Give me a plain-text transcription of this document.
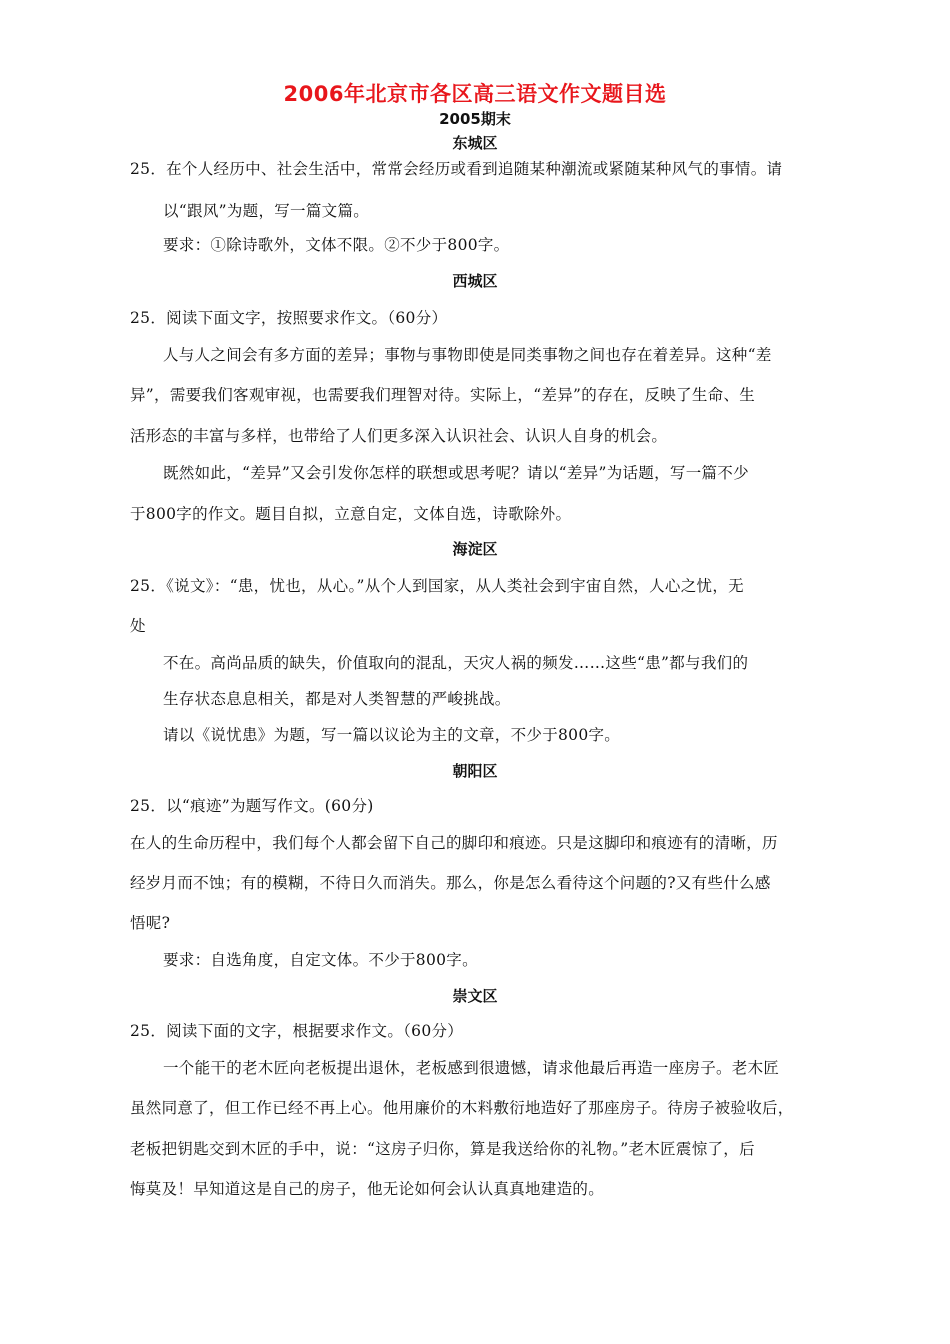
2006年北京市各区高三语文作文题目选
2005期末
东城区
25．在个人经历中、社会生活中，常常会经历或看到追随某种潮流或紧随某种风气的事情。请
以“跟风”为题，写一篇文篇。
要求：①除诗歌外，文体不限。②不少于800字。
西城区
25．阅读下面文字，按照要求作文。（60分）
人与人之间会有多方面的差异；事物与事物即使是同类事物之间也存在着差异。这种“差
异”，需要我们客观审视，也需要我们理智对待。实际上，“差异”的存在，反映了生命、生
活形态的丰富与多样，也带给了人们更多深入认识社会、认识人自身的机会。
既然如此，“差异”又会引发你怎样的联想或思考呢？请以“差异”为话题，写一篇不少
于800字的作文。题目自拟，立意自定，文体自选，诗歌除外。
海淀区
25．《说文》：“患，忧也，从心。”从个人到国家，从人类社会到宇宙自然，人心之忧，无
处
不在。高尚品质的缺失，价值取向的混乱，天灾人祸的频发……这些“患”都与我们的
生存状态息息相关，都是对人类智慧的严峻挑战。
请以《说忧患》为题，写一篇以议论为主的文章，不少于800字。
朝阳区
25．以“痕迹”为题写作文。(60分)
在人的生命历程中，我们每个人都会留下自己的脚印和痕迹。只是这脚印和痕迹有的清晰，历
经岁月而不蚀；有的模糊，不待日久而消失。那么，你是怎么看待这个问题的?又有些什么感
悟呢?
要求：自选角度，自定文体。不少于800字。
崇文区
25．阅读下面的文字，根据要求作文。（60分）
一个能干的老木匠向老板提出退休，老板感到很遗憾，请求他最后再造一座房子。老木匠
虽然同意了，但工作已经不再上心。他用廉价的木料敷衍地造好了那座房子。待房子被验收后，
老板把钥匙交到木匠的手中，说：“这房子归你，算是我送给你的礼物。”老木匠震惊了，后
悔莫及！早知道这是自己的房子，他无论如何会认认真真地建造的。
